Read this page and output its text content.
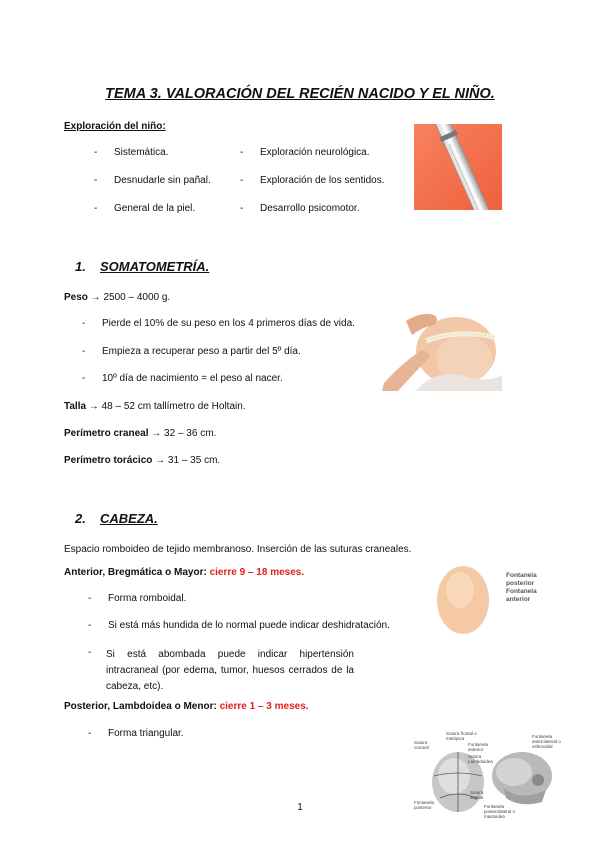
TEMA 3. VALORACIÓN DEL RECIÉN NACIDO Y EL NIÑO.
Exploración del niño:
- Sistemática.
- Desnudarle sin pañal.
- General de la piel.
- Exploración neurológica.
- Exploración de los sentidos.
- Desarrollo psicomotor.
1. SOMATOMETRÍA.
Peso → 2500 – 4000 g.
- Pierde el 10% de su peso en los 4 primeros días de vida.
- Empieza a recuperar peso a partir del 5º día.
- 10º día de nacimiento = el peso al nacer.
Talla → 48 – 52 cm tallímetro de Holtain.
Perímetro craneal → 32 – 36 cm.
Perímetro torácico → 31 – 35 cm.
2. CABEZA.
Espacio romboideo de tejido membranoso. Inserción de las suturas craneales.
Anterior, Bregmática o Mayor: cierre 9 – 18 meses.
- Forma romboidal.
- Si está más hundida de lo normal puede indicar deshidratación.
-	Si está abombada puede indicar hipertensión intracraneal (por edema, tumor, huesos cerrados de la cabeza, etc).
Posterior, Lambdoidea o Menor: cierre 1 – 3 meses.
- Forma triangular.
Fontanela posterior
Fontanela anterior
Sutura coronal
Sutura frontal o metópica
Fontanela anterior
Sutura Lambdoidea
Sutura sagital
Fontanela posterior
Fontanela anterolateral o esfenoidal
Fontanela posterolateral o mastoidea
1
